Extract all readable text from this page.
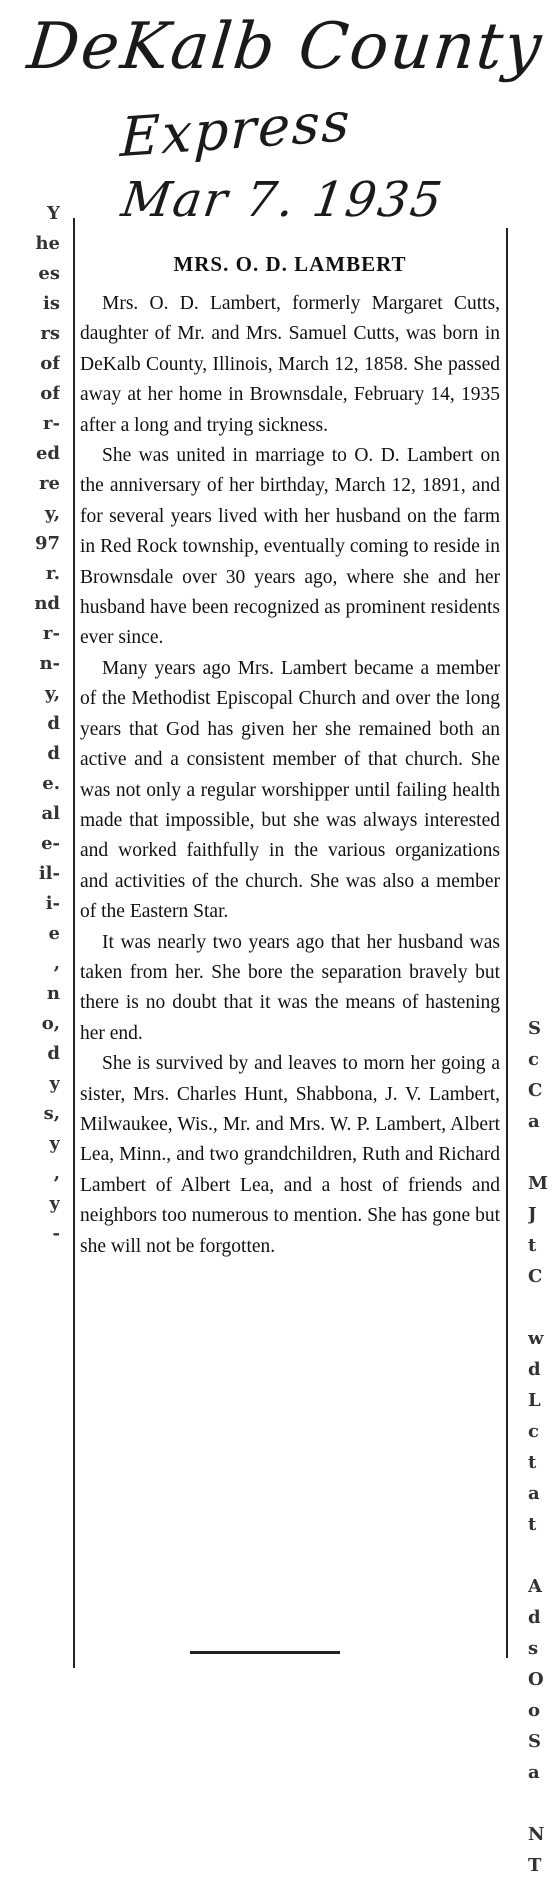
DeKalb County
Express
Mar 7. 1935
Y
he
es
is
rs
of
of
r-
ed
re
y,
97
r.
nd
r-
n-
y,
d
d
e.
al
e-
il-
i-
e
,
n
o,
d
y
s,
y
,
y
-
S
c
C
a
M
J
t
C
w
d
L
c
t
a
t
A
d
s
O
o
S
a
N
T
MRS. O. D. LAMBERT

Mrs. O. D. Lambert, formerly Margaret Cutts, daughter of Mr. and Mrs. Samuel Cutts, was born in DeKalb County, Illinois, March 12, 1858. She passed away at her home in Brownsdale, February 14, 1935 after a long and trying sickness.

She was united in marriage to O. D. Lambert on the anniversary of her birthday, March 12, 1891, and for several years lived with her husband on the farm in Red Rock township, eventually coming to reside in Brownsdale over 30 years ago, where she and her husband have been recognized as prominent residents ever since.

Many years ago Mrs. Lambert became a member of the Methodist Episcopal Church and over the long years that God has given her she remained both an active and a consistent member of that church. She was not only a regular worshipper until failing health made that impossible, but she was always interested and worked faithfully in the various organizations and activities of the church. She was also a member of the Eastern Star.

It was nearly two years ago that her husband was taken from her. She bore the separation bravely but there is no doubt that it was the means of hastening her end.

She is survived by and leaves to morn her going a sister, Mrs. Charles Hunt, Shabbona, J. V. Lambert, Milwaukee, Wis., Mr. and Mrs. W. P. Lambert, Albert Lea, Minn., and two grandchildren, Ruth and Richard Lambert of Albert Lea, and a host of friends and neighbors too numerous to mention. She has gone but she will not be forgotten.
